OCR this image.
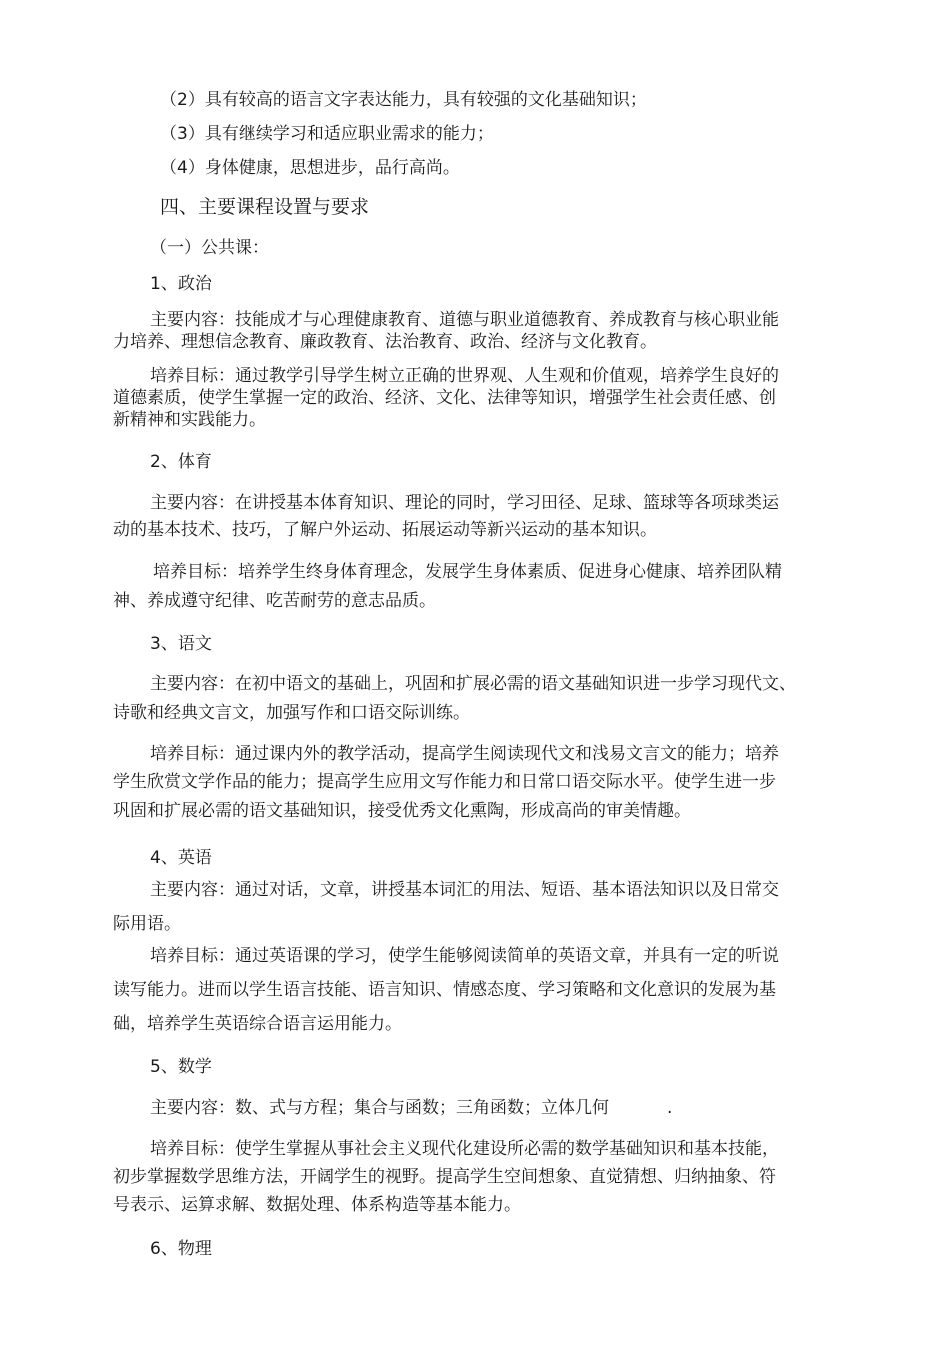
（2）具有较高的语言文字表达能力，具有较强的文化基础知识；
（3）具有继续学习和适应职业需求的能力；
（4）身体健康，思想进步，品行高尚。
四、主要课程设置与要求
（一）公共课：
1、政治
主要内容：技能成才与心理健康教育、道德与职业道德教育、养成教育与核心职业能
力培养、理想信念教育、廉政教育、法治教育、政治、经济与文化教育。
培养目标：通过教学引导学生树立正确的世界观、人生观和价值观，培养学生良好的
道德素质，使学生掌握一定的政治、经济、文化、法律等知识，增强学生社会责任感、创
新精神和实践能力。
2、体育
主要内容：在讲授基本体育知识、理论的同时，学习田径、足球、篮球等各项球类运
动的基本技术、技巧，了解户外运动、拓展运动等新兴运动的基本知识。
培养目标：培养学生终身体育理念，发展学生身体素质、促进身心健康、培养团队精
神、养成遵守纪律、吃苦耐劳的意志品质。
3、语文
主要内容：在初中语文的基础上，巩固和扩展必需的语文基础知识进一步学习现代文、
诗歌和经典文言文，加强写作和口语交际训练。
培养目标：通过课内外的教学活动，提高学生阅读现代文和浅易文言文的能力；培养
学生欣赏文学作品的能力；提高学生应用文写作能力和日常口语交际水平。使学生进一步
巩固和扩展必需的语文基础知识，接受优秀文化熏陶，形成高尚的审美情趣。
4、英语
主要内容：通过对话，文章，讲授基本词汇的用法、短语、基本语法知识以及日常交
际用语。
培养目标：通过英语课的学习，使学生能够阅读简单的英语文章，并具有一定的听说
读写能力。进而以学生语言技能、语言知识、情感态度、学习策略和文化意识的发展为基
础，培养学生英语综合语言运用能力。
5、数学
主要内容：数、式与方程；集合与函数；三角函数；立体几何	.
培养目标：使学生掌握从事社会主义现代化建设所必需的数学基础知识和基本技能，
初步掌握数学思维方法，开阔学生的视野。提高学生空间想象、直觉猜想、归纳抽象、符
号表示、运算求解、数据处理、体系构造等基本能力。
6、物理
